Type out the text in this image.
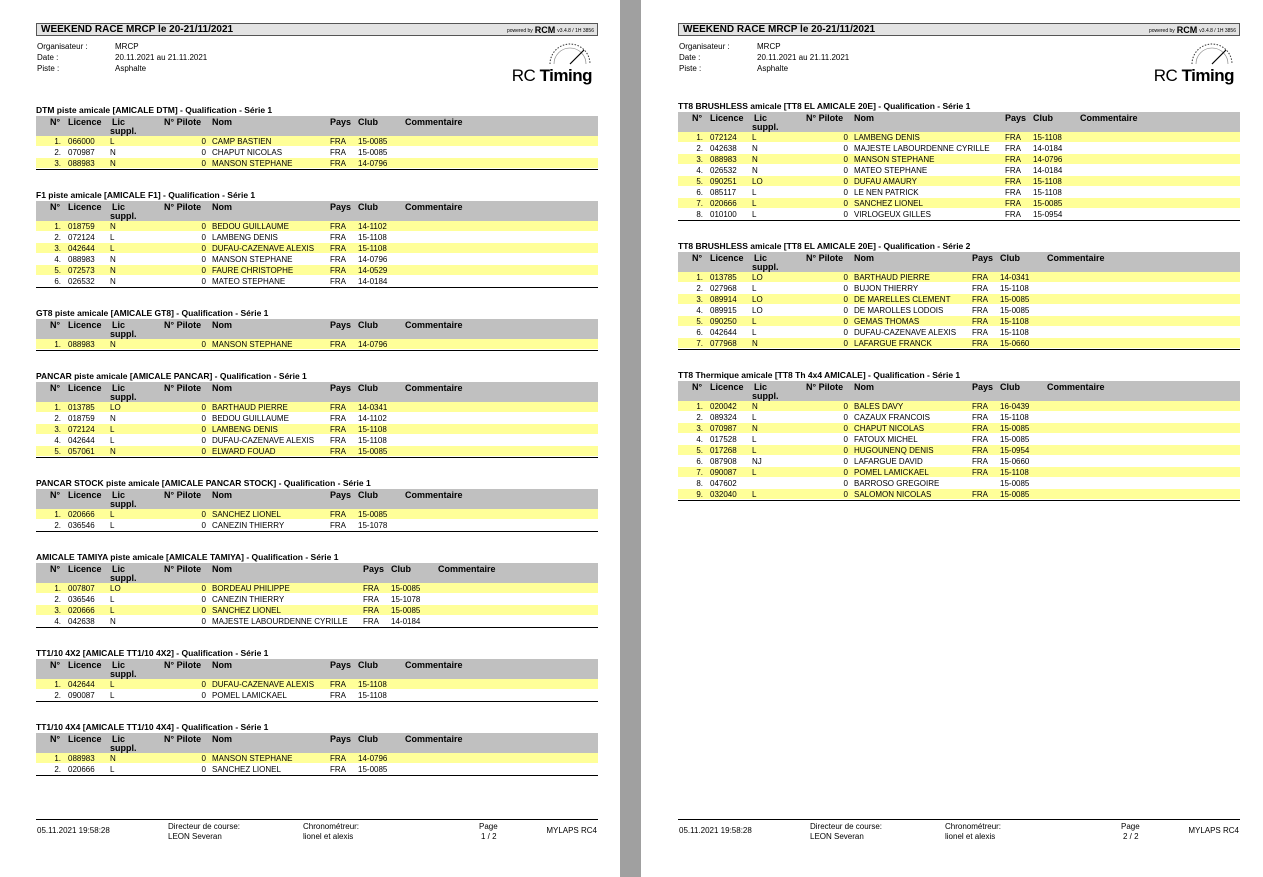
WEEKEND RACE MRCP le 20-21/11/2021	powered by RCM v3.4.8 / 1H 3856
Organisateur :	MRCP
Date :	20.11.2021 au 21.11.2021
Piste :	Asphalte	RC Timing
DTM piste amicale [AMICALE DTM] - Qualification - Série 1
N° Licence Lic
suppl.
N° Pilote Nom	Pays Club	Commentaire
1. 066000 L	0 CAMP BASTIEN	FRA 15-0085
2. 070987 N	0 CHAPUT NICOLAS	FRA 15-0085
3. 088983 N	0 MANSON STEPHANE	FRA 14-0796
F1 piste amicale [AMICALE F1] - Qualification - Série 1
N° Licence Lic
suppl.
N° Pilote Nom	Pays Club	Commentaire
1. 018759 N	0 BEDOU GUILLAUME	FRA 14-1102
2. 072124 L	0 LAMBENG DENIS	FRA 15-1108
3. 042644 L	0 DUFAU-CAZENAVE ALEXIS FRA 15-1108
4. 088983 N	0 MANSON STEPHANE	FRA 14-0796
5. 072573 N	0 FAURE CHRISTOPHE	FRA 14-0529
6. 026532 N	0 MATEO STEPHANE	FRA 14-0184
GT8 piste amicale [AMICALE GT8] - Qualification - Série 1
N° Licence Lic
suppl.
N° Pilote Nom	Pays Club	Commentaire
1. 088983 N	0 MANSON STEPHANE	FRA 14-0796
PANCAR piste amicale [AMICALE PANCAR] - Qualification - Série 1
N° Licence Lic
suppl.
N° Pilote Nom	Pays Club	Commentaire
1. 013785 LO	0 BARTHAUD PIERRE	FRA 14-0341
2. 018759 N	0 BEDOU GUILLAUME	FRA 14-1102
3. 072124 L	0 LAMBENG DENIS	FRA 15-1108
4. 042644 L	0 DUFAU-CAZENAVE ALEXIS FRA 15-1108
5. 057061 N	0 ELWARD FOUAD	FRA 15-0085
PANCAR STOCK piste amicale [AMICALE PANCAR STOCK] - Qualification - Série 1
N° Licence Lic
suppl.
N° Pilote Nom	Pays Club	Commentaire
1. 020666 L	0 SANCHEZ LIONEL	FRA 15-0085
2. 036546 L	0 CANEZIN THIERRY	FRA 15-1078
AMICALE TAMIYA piste amicale [AMICALE TAMIYA] - Qualification - Série 1
N° Licence Lic
suppl.
N° Pilote Nom	Pays Club	Commentaire
1. 007807 LO	0 BORDEAU PHILIPPE	FRA 15-0085
2. 036546 L	0 CANEZIN THIERRY	FRA 15-1078
3. 020666 L	0 SANCHEZ LIONEL	FRA 15-0085
4. 042638 N	0 MAJESTE LABOURDENNE CYRILLE FRA 14-0184
TT1/10 4X2 [AMICALE TT1/10 4X2] - Qualification - Série 1
N° Licence Lic
suppl.
N° Pilote Nom	Pays Club	Commentaire
1. 042644 L	0 DUFAU-CAZENAVE ALEXIS FRA 15-1108
2. 090087 L	0 POMEL LAMICKAEL	FRA 15-1108
TT1/10 4X4 [AMICALE TT1/10 4X4] - Qualification - Série 1
N° Licence Lic
suppl.
N° Pilote Nom	Pays Club	Commentaire
1. 088983 N	0 MANSON STEPHANE	FRA 14-0796
2. 020666 L	0 SANCHEZ LIONEL	FRA 15-0085
05.11.2021 19:58:28	Directeur de course:
LEON Severan
Chronométreur:
lionel et alexis
Page
1 / 2
MYLAPS RC4
WEEKEND RACE MRCP le 20-21/11/2021	powered by RCM v3.4.8 / 1H 3856
Organisateur :	MRCP
Date :	20.11.2021 au 21.11.2021
Piste :	Asphalte	RC Timing
TT8 BRUSHLESS amicale [TT8 EL AMICALE 20E] - Qualification - Série 1
N° Licence Lic
suppl.
N° Pilote Nom	Pays Club	Commentaire
1. 072124 L	0 LAMBENG DENIS	FRA 15-1108
2. 042638 N	0 MAJESTE LABOURDENNE CYRILLE FRA 14-0184
3. 088983 N	0 MANSON STEPHANE	FRA 14-0796
4. 026532 N	0 MATEO STEPHANE	FRA 14-0184
5. 090251 LO	0 DUFAU AMAURY	FRA 15-1108
6. 085117 L	0 LE NEN PATRICK	FRA 15-1108
7. 020666 L	0 SANCHEZ LIONEL	FRA 15-0085
8. 010100 L	0 VIRLOGEUX GILLES	FRA 15-0954
TT8 BRUSHLESS amicale [TT8 EL AMICALE 20E] - Qualification - Série 2
N° Licence Lic
suppl.
N° Pilote Nom	Pays Club	Commentaire
1. 013785 LO	0 BARTHAUD PIERRE	FRA 14-0341
2. 027968 L	0 BUJON THIERRY	FRA 15-1108
3. 089914 LO	0 DE MARELLES CLEMENT	FRA 15-0085
4. 089915 LO	0 DE MAROLLES LODOIS	FRA 15-0085
5. 090250 L	0 GEMAS THOMAS	FRA 15-1108
6. 042644 L	0 DUFAU-CAZENAVE ALEXIS FRA 15-1108
7. 077968 N	0 LAFARGUE FRANCK	FRA 15-0660
TT8 Thermique amicale [TT8 Th 4x4 AMICALE] - Qualification - Série 1
N° Licence Lic
suppl.
N° Pilote Nom	Pays Club	Commentaire
1. 020042 N	0 BALES DAVY	FRA 16-0439
2. 089324 L	0 CAZAUX FRANCOIS	FRA 15-1108
3. 070987 N	0 CHAPUT NICOLAS	FRA 15-0085
4. 017528 L	0 FATOUX MICHEL	FRA 15-0085
5. 017268 L	0 HUGOUNENQ DENIS	FRA 15-0954
6. 087908 NJ	0 LAFARGUE DAVID	FRA 15-0660
7. 090087 L	0 POMEL LAMICKAEL	FRA 15-1108
8. 047602	0 BARROSO GREGOIRE	15-0085
9. 032040 L	0 SALOMON NICOLAS	FRA 15-0085
05.11.2021 19:58:28	Directeur de course:
LEON Severan
Chronométreur:
lionel et alexis
Page
2 / 2
MYLAPS RC4
